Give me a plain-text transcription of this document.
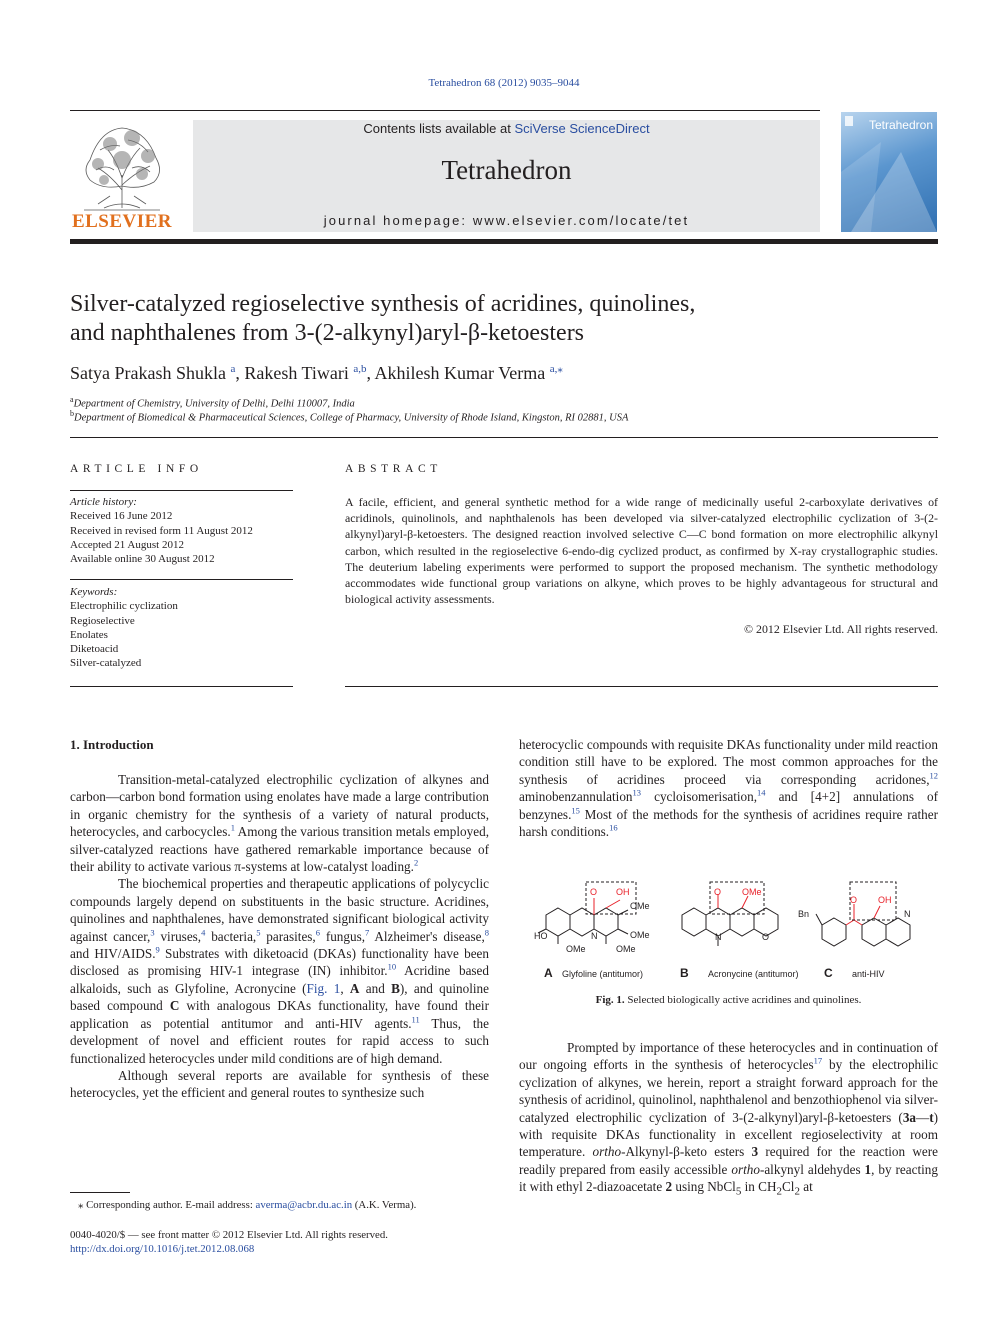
Tetrahedron 68 (2012) 9035–9044
ELSEVIER
Contents lists available at SciVerse ScienceDirect
Tetrahedron
journal homepage: www.elsevier.com/locate/tet
Tetrahedron
Silver-catalyzed regioselective synthesis of acridines, quinolines,
and naphthalenes from 3-(2-alkynyl)aryl-β-ketoesters
Satya Prakash Shukla $^a$, Rakesh Tiwari $^{a,b}$, Akhilesh Kumar Verma $^{a,⁎}$
$^a$Department of Chemistry, University of Delhi, Delhi 110007, India
$^b$Department of Biomedical & Pharmaceutical Sciences, College of Pharmacy, University of Rhode Island, Kingston, RI 02881, USA
ARTICLE INFO
Article history:
Received 16 June 2012
Received in revised form 11 August 2012
Accepted 21 August 2012
Available online 30 August 2012
Keywords:
Electrophilic cyclization
Regioselective
Enolates
Diketoacid
Silver-catalyzed
ABSTRACT
A facile, efficient, and general synthetic method for a wide range of medicinally useful 2-carboxylate derivatives of acridinols, quinolinols, and naphthalenols has been developed via silver-catalyzed electrophilic cyclization of 3-(2-alkynyl)aryl-β-ketoesters. The designed reaction involved selective C—C bond formation on more electrophilic alkynyl carbon, which resulted in the regioselective 6-endo-dig cyclized product, as confirmed by X-ray crystallographic studies. The deuterium labeling experiments were performed to support the proposed mechanism. The synthetic methodology accommodates wide functional group variations on alkyne, which proves to be highly advantageous for structural and biological activity assessments.
© 2012 Elsevier Ltd. All rights reserved.
1. Introduction

Transition-metal-catalyzed electrophilic cyclization of alkynes and carbon—carbon bond formation using enolates have made a large contribution in organic chemistry for the synthesis of a variety of natural products, heterocycles, and carbocycles.$^1$ Among the various transition metals employed, silver-catalyzed reactions have gathered remarkable importance because of their ability to activate various π-systems at low-catalyst loading.$^2$

The biochemical properties and therapeutic applications of polycyclic compounds largely depend on substituents in the basic structure. Acridines, quinolines and naphthalenes, have demonstrated significant biological activity against cancer,$^3$ viruses,$^4$ bacteria,$^5$ parasites,$^6$ fungus,$^7$ Alzheimer's disease,$^8$ and HIV/AIDS.$^9$ Substrates with diketoacid (DKAs) functionality have been disclosed as promising HIV-1 integrase (IN) inhibitor.$^{10}$ Acridine based alkaloids, such as Glyfoline, Acronycine (Fig. 1, A and B), and quinoline based compound C with analogous DKAs functionality, have found their application as potential antitumor and anti-HIV agents.$^{11}$ Thus, the development of novel and efficient routes for rapid access to such functionalized heterocycles under mild conditions are of high demand.

Although several reports are available for synthesis of these heterocycles, yet the efficient and general routes to synthesize such

heterocyclic compounds with requisite DKAs functionality under mild reaction condition still have to be explored. The most common approaches for the synthesis of acridines proceed via corresponding acridones,$^{12}$ aminobenzannulation$^{13}$ cycloisomerisation,$^{14}$ and [4+2] annulations of benzynes.$^{15}$ Most of the methods for the synthesis of acridines require rather harsh conditions.$^{16}$

O OH
OMe
OMe
HO
OMe
N
OMe
O OMe
N	O
O OH
Bn	N
A Glyfoline (antitumor)	B Acronycine (antitumor) C anti-HIV
Fig. 1. Selected biologically active acridines and quinolines.

Prompted by importance of these heterocycles and in continuation of our ongoing efforts in the synthesis of heterocycles$^{17}$ by the electrophilic cyclization of alkynes, we herein, report a straight forward approach for the synthesis of acridinol, quinolinol, naphthalenol and benzothiophenol via silver-catalyzed electrophilic cyclization of 3-(2-alkynyl)aryl-β-ketoesters (3a—t) with requisite DKAs functionality in excellent regioselectivity at room temperature. ortho-Alkynyl-β-keto esters 3 required for the reaction were readily prepared from easily accessible ortho-alkynyl aldehydes 1, by reacting it with ethyl 2-diazoacetate 2 using NbCl$_5$ in $CH_2Cl_2$ at

⁎ Corresponding author. E-mail address: averma@acbr.du.ac.in (A.K. Verma).
0040-4020/$ — see front matter © 2012 Elsevier Ltd. All rights reserved.
http://dx.doi.org/10.1016/j.tet.2012.08.068
